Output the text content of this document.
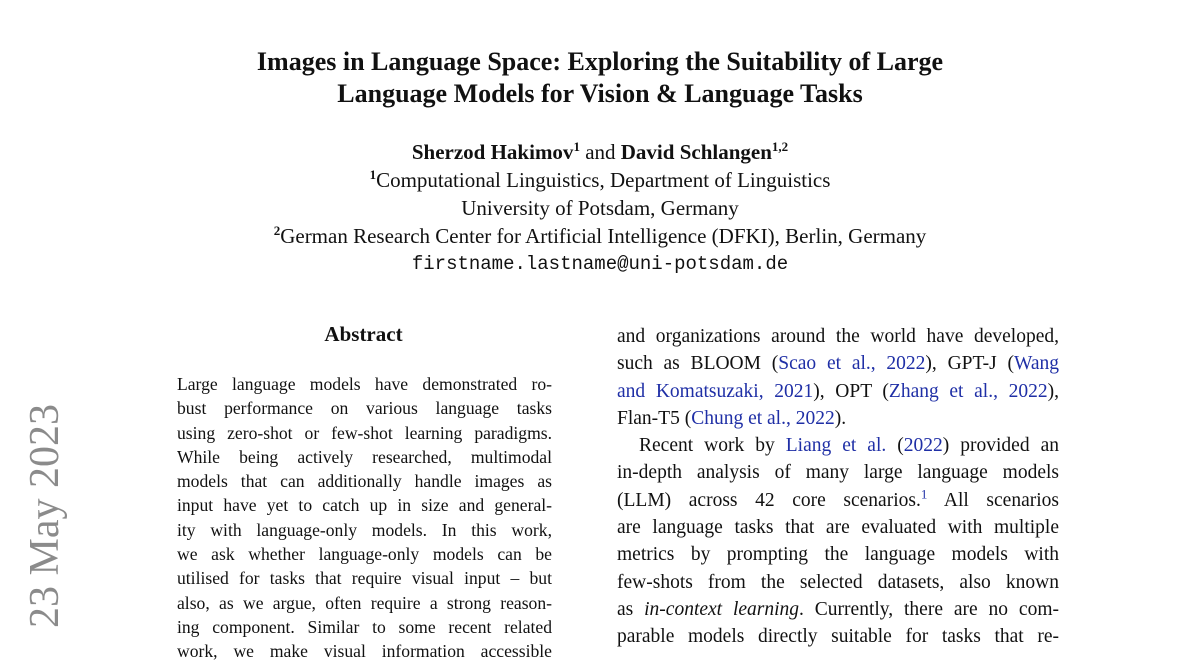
23 May 2023
Images in Language Space: Exploring the Suitability of Large
Language Models for Vision & Language Tasks
Sherzod Hakimov$^1$ and David Schlangen$^{1,2}$
$^1$Computational Linguistics, Department of Linguistics
University of Potsdam, Germany
$^2$German Research Center for Artificial Intelligence (DFKI), Berlin, Germany
firstname.lastname@uni-potsdam.de
Abstract
Large language models have demonstrated ro-
bust performance on various language tasks
using zero-shot or few-shot learning paradigms.
While being actively researched, multimodal
models that can additionally handle images as
input have yet to catch up in size and general-
ity with language-only models. In this work,
we ask whether language-only models can be
utilised for tasks that require visual input – but
also, as we argue, often require a strong reason-
ing component. Similar to some recent related
work, we make visual information accessible
and organizations around the world have developed,
such as BLOOM (Scao et al., 2022), GPT-J (Wang
and Komatsuzaki, 2021), OPT (Zhang et al., 2022),
Flan-T5 (Chung et al., 2022).
Recent work by Liang et al. (2022) provided an
in-depth analysis of many large language models
(LLM) across 42 core scenarios.$^1$ All scenarios
are language tasks that are evaluated with multiple
metrics by prompting the language models with
few-shots from the selected datasets, also known
as in-context learning. Currently, there are no com-
parable models directly suitable for tasks that re-
